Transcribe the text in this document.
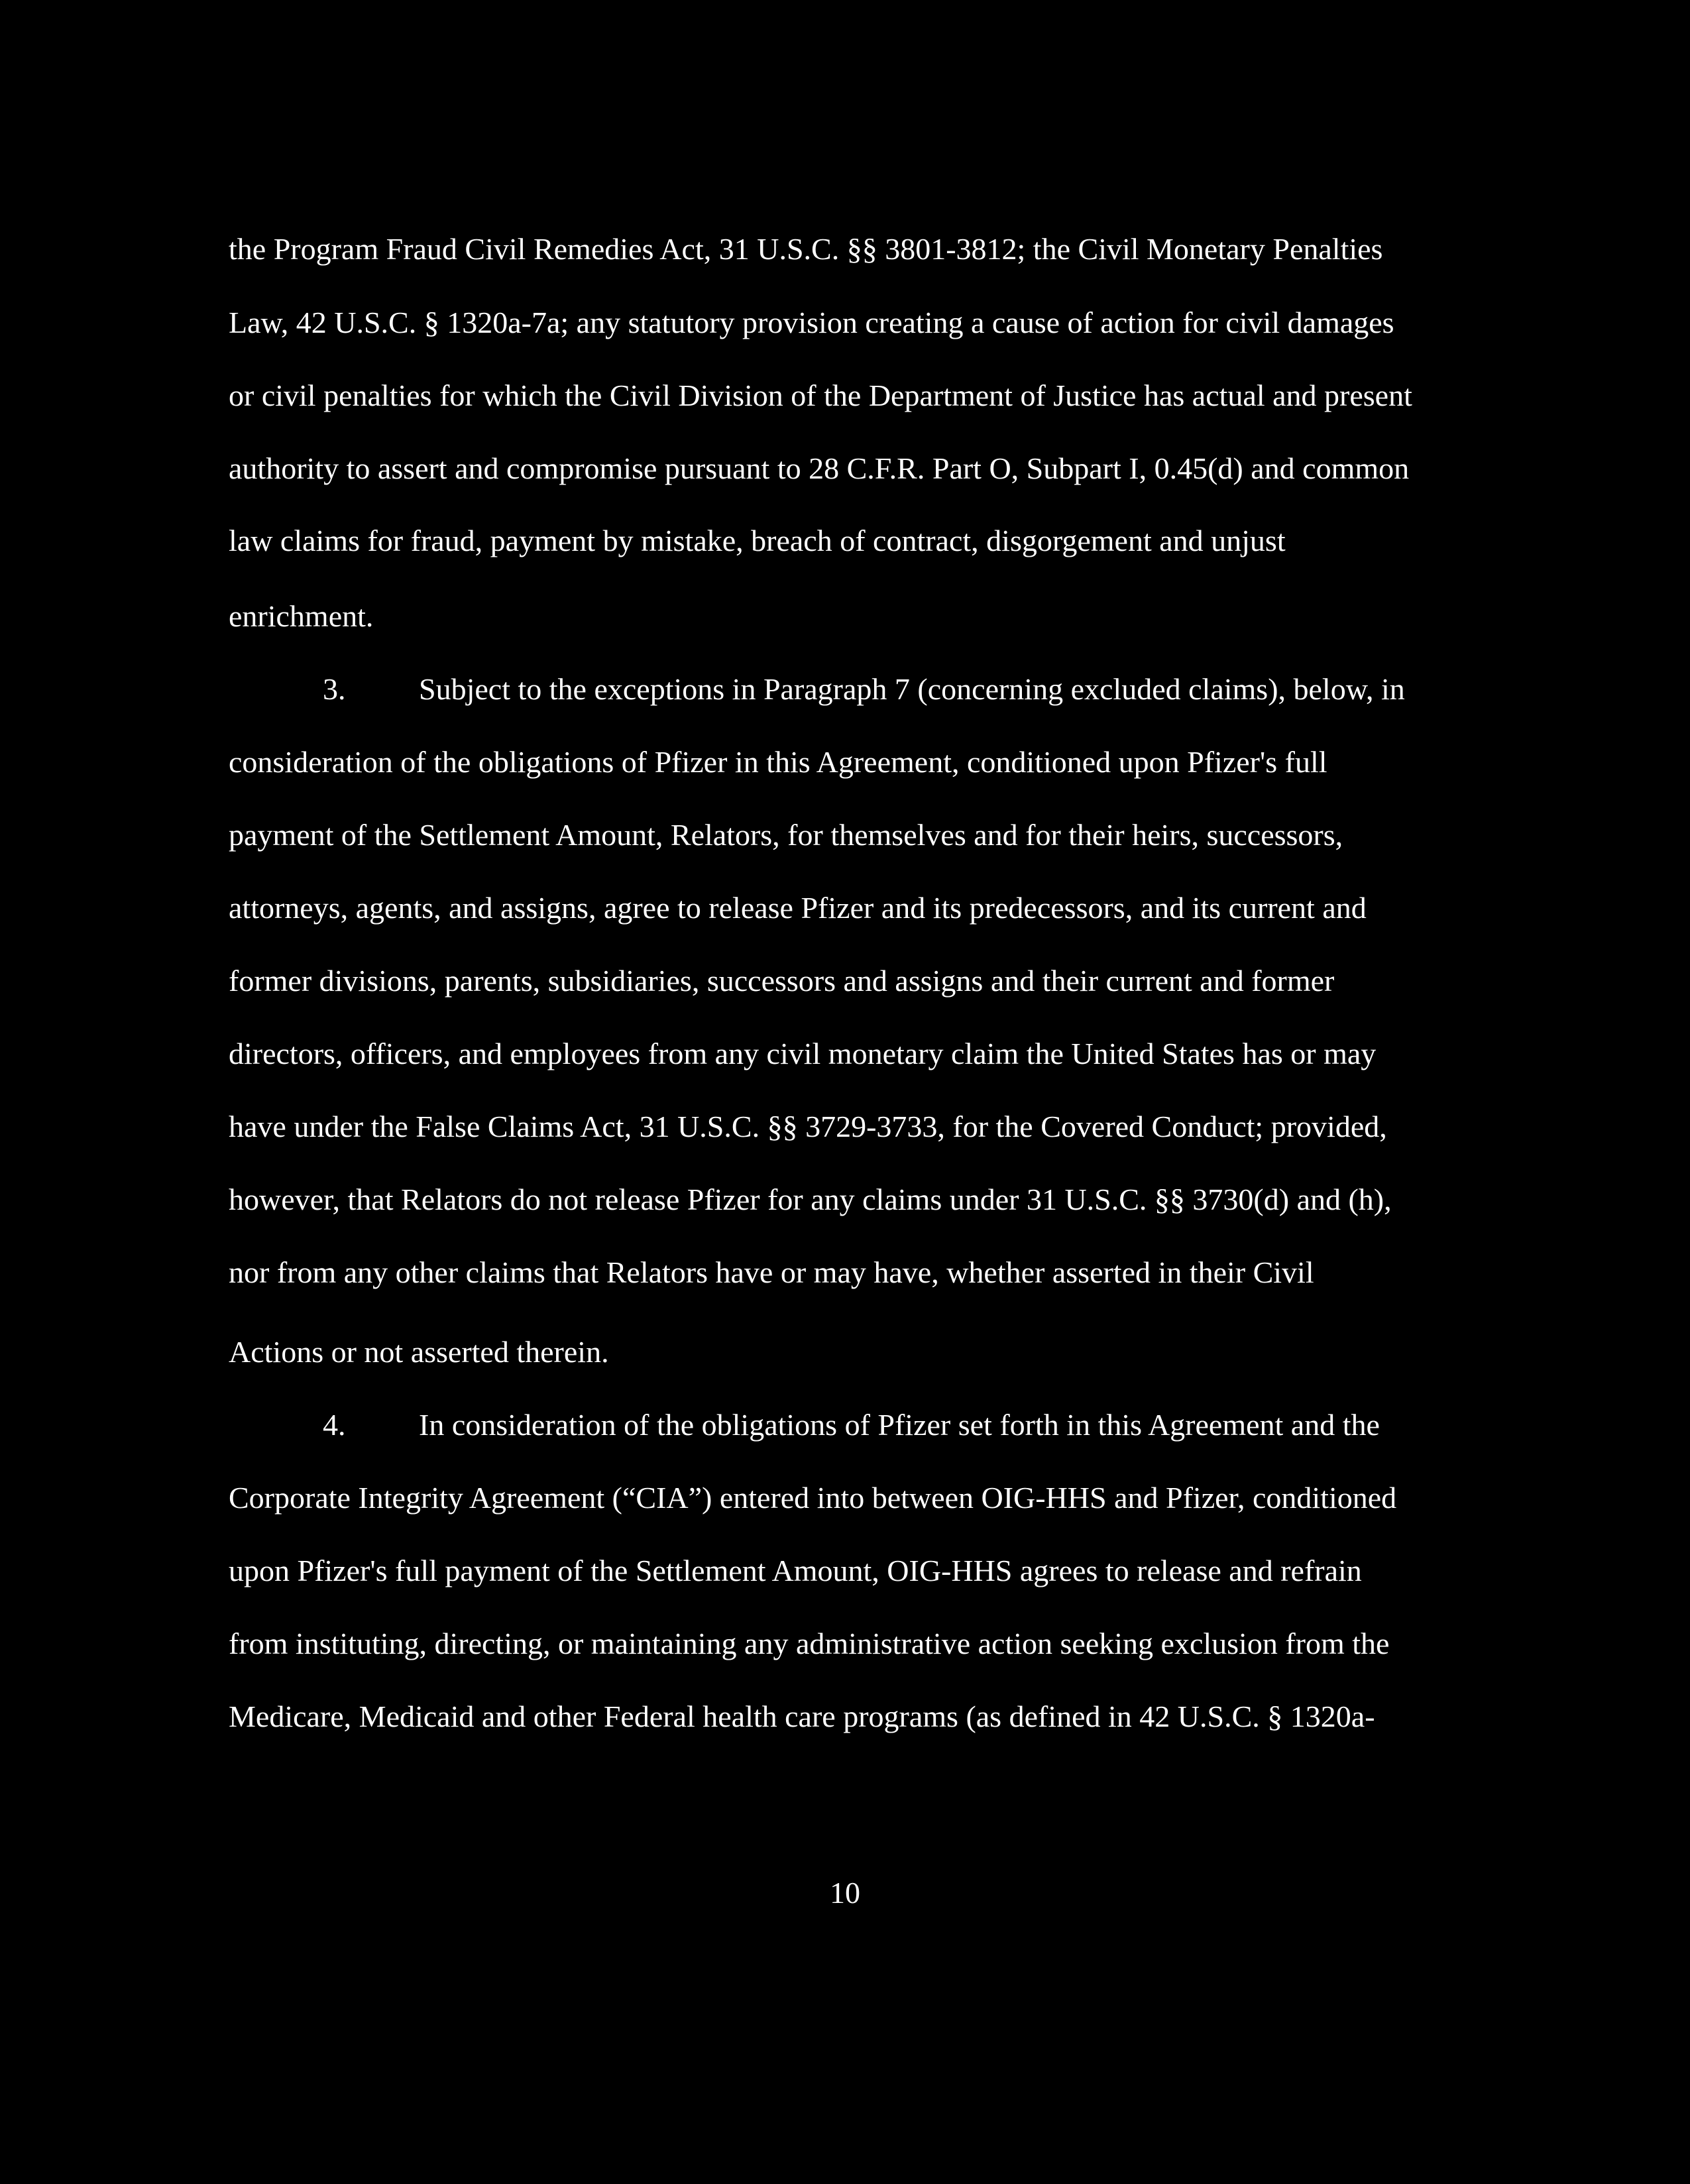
the Program Fraud Civil Remedies Act, 31 U.S.C. §§ 3801-3812; the Civil Monetary Penalties
Law, 42 U.S.C. § 1320a-7a; any statutory provision creating a cause of action for civil damages
or civil penalties for which the Civil Division of the Department of Justice has actual and present
authority to assert and compromise pursuant to 28 C.F.R. Part O, Subpart I, 0.45(d) and common
law claims for fraud, payment by mistake, breach of contract, disgorgement and unjust
enrichment.
3. Subject to the exceptions in Paragraph 7 (concerning excluded claims), below, in
consideration of the obligations of Pfizer in this Agreement, conditioned upon Pfizer's full
payment of the Settlement Amount, Relators, for themselves and for their heirs, successors,
attorneys, agents, and assigns, agree to release Pfizer and its predecessors, and its current and
former divisions, parents, subsidiaries, successors and assigns and their current and former
directors, officers, and employees from any civil monetary claim the United States has or may
have under the False Claims Act, 31 U.S.C. §§ 3729-3733, for the Covered Conduct; provided,
however, that Relators do not release Pfizer for any claims under 31 U.S.C. §§ 3730(d) and (h),
nor from any other claims that Relators have or may have, whether asserted in their Civil
Actions or not asserted therein.
4. In consideration of the obligations of Pfizer set forth in this Agreement and the
Corporate Integrity Agreement (“CIA”) entered into between OIG-HHS and Pfizer, conditioned
upon Pfizer's full payment of the Settlement Amount, OIG-HHS agrees to release and refrain
from instituting, directing, or maintaining any administrative action seeking exclusion from the
Medicare, Medicaid and other Federal health care programs (as defined in 42 U.S.C. § 1320a-
10
